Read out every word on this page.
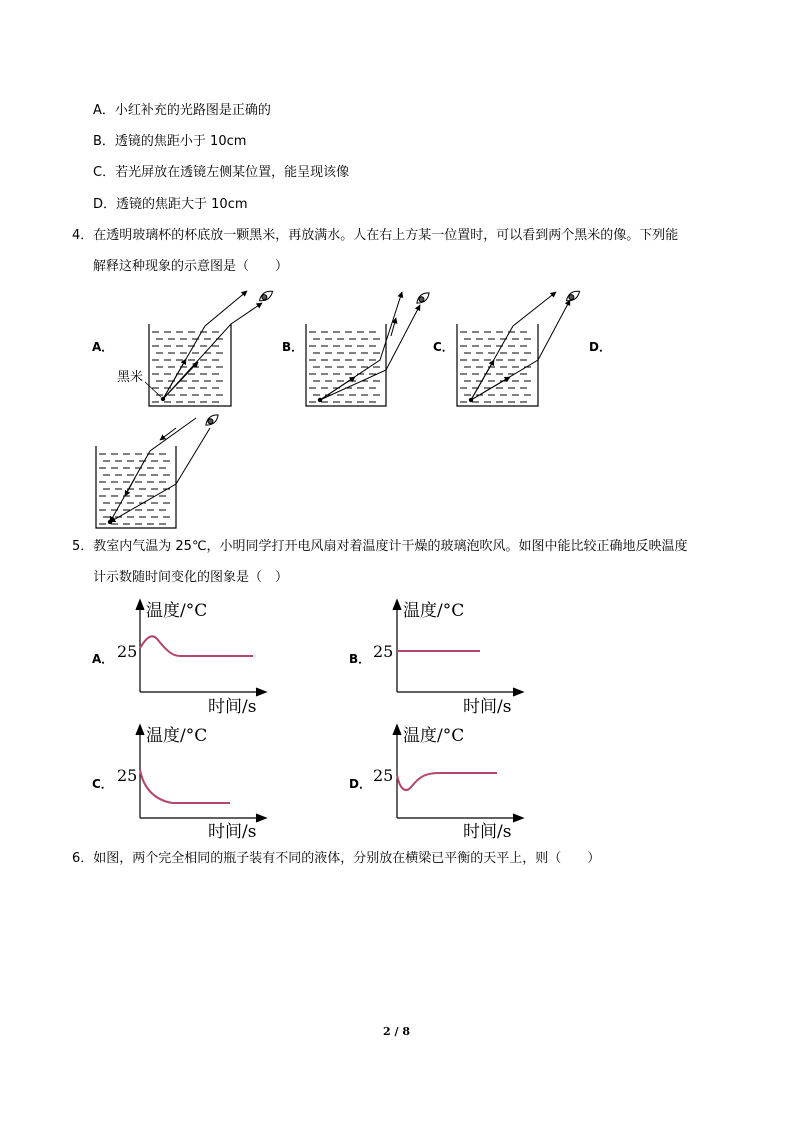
A．小红补充的光路图是正确的
B．透镜的焦距小于 10cm
C．若光屏放在透镜左侧某位置，能呈现该像
D．透镜的焦距大于 10cm
4．在透明玻璃杯的杯底放一颗黑米，再放满水。人在右上方某一位置时，可以看到两个黑米的像。下列能
解释这种现象的示意图是（　　）
A．	B．	C．	D．
黑米
5．教室内气温为 25℃，小明同学打开电风扇对着温度计干燥的玻璃泡吹风。如图中能比较正确地反映温度
计示数随时间变化的图象是（　）
A．	B．
C．	D．
温度/°C
时间/s
25
温度/°C
时间/s
25
温度/°C
时间/s
25
温度/°C
时间/s
25
6．如图，两个完全相同的瓶子装有不同的液体，分别放在横梁已平衡的天平上，则（　　）
2 / 8
